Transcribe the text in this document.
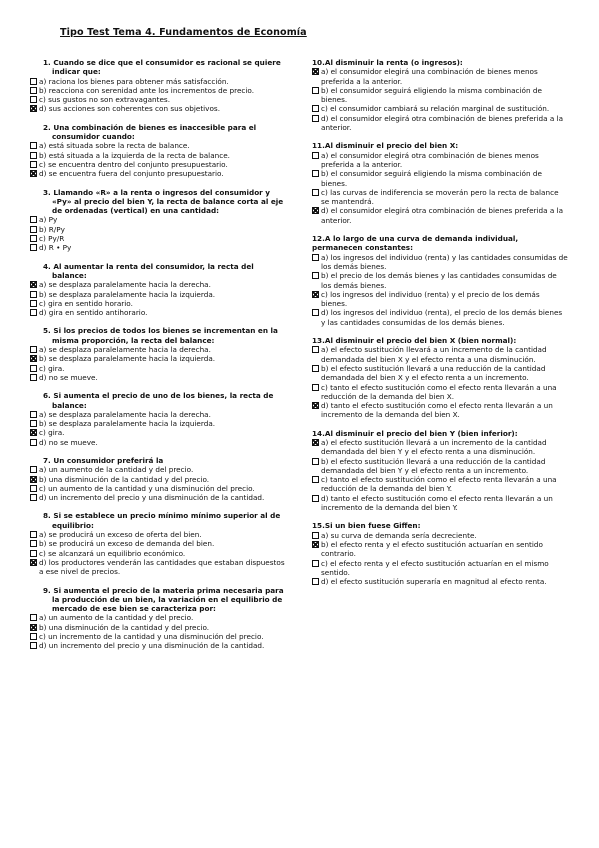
Tipo Test Tema 4. Fundamentos de Economía
1. Cuando se dice que el consumidor es racional se quiere indicar que:
a) raciona los bienes para obtener más satisfacción.
b) reacciona con serenidad ante los incrementos de precio.
c) sus gustos no son extravagantes.
d) sus acciones son coherentes con sus objetivos.
2. Una combinación de bienes es inaccesible para el consumidor cuando:
a) está situada sobre la recta de balance.
b) está situada a la izquierda de la recta de balance.
c) se encuentra dentro del conjunto presupuestario.
d) se encuentra fuera del conjunto presupuestario.
3. Llamando «R» a la renta o ingresos del consumidor y «Py» al precio del bien Y, la recta de balance corta al eje de ordenadas (vertical) en una cantidad:
a) Py
b) R/Py
c) Py/R
d) R • Py
4. Al aumentar la renta del consumidor, la recta del balance:
a) se desplaza paralelamente hacia la derecha.
b) se desplaza paralelamente hacia la izquierda.
c) gira en sentido horario.
d) gira en sentido antihorario.
5. Si los precios de todos los bienes se incrementan en la misma proporción, la recta del balance:
a) se desplaza paralelamente hacia la derecha.
b) se desplaza paralelamente hacia la izquierda.
c) gira.
d) no se mueve.
6. Si aumenta el precio de uno de los bienes, la recta de balance:
a) se desplaza paralelamente hacia la derecha.
b) se desplaza paralelamente hacia la izquierda.
c) gira.
d) no se mueve.
7. Un consumidor preferirá la
a) un aumento de la cantidad y del precio.
b) una disminución de la cantidad y del precio.
c) un aumento de la cantidad y una disminución del precio.
d) un incremento del precio y una disminución de la cantidad.
8. Si se establece un precio mínimo mínimo superior al de equilibrio:
a) se producirá un exceso de oferta del bien.
b) se producirá un exceso de demanda del bien.
c) se alcanzará un equilibrio económico.
d) los productores venderán las cantidades que estaban dispuestos a ese nivel de precios.
9. Si aumenta el precio de la materia prima necesaria para la producción de un bien, la variación en el equilibrio de mercado de ese bien se caracteriza por:
a) un aumento de la cantidad y del precio.
b) una disminución de la cantidad y del precio.
c) un incremento de la cantidad y una disminución del precio.
d) un incremento del precio y una disminución de la cantidad.
10.Al disminuir la renta (o ingresos):
a) el consumidor elegirá una combinación de bienes menos preferida a la anterior.
b) el consumidor seguirá eligiendo la misma combinación de bienes.
c) el consumidor cambiará su relación marginal de sustitución.
d) el consumidor elegirá otra combinación de bienes preferida a la anterior.
11.Al disminuir el precio del bien X:
a) el consumidor elegirá otra combinación de bienes menos preferida a la anterior.
b) el consumidor seguirá eligiendo la misma combinación de bienes.
c) las curvas de indiferencia se moverán pero la recta de balance se mantendrá.
d) el consumidor elegirá otra combinación de bienes preferida a la anterior.
12.A lo largo de una curva de demanda individual, permanecen constantes:
a) los ingresos del individuo (renta) y las cantidades consumidas de los demás bienes.
b) el precio de los demás bienes y las cantidades consumidas de los demás bienes.
c) los ingresos del individuo (renta) y el precio de los demás bienes.
d) los ingresos del individuo (renta), el precio de los demás bienes y las cantidades consumidas de los demás bienes.
13.Al disminuir el precio del bien X (bien normal):
a) el efecto sustitución llevará a un incremento de la cantidad demandada del bien X y el efecto renta a una disminución.
b) el efecto sustitución llevará a una reducción de la cantidad demandada del bien X y el efecto renta a un incremento.
c) tanto el efecto sustitución como el efecto renta llevarán a una reducción de la demanda del bien X.
d) tanto el efecto sustitución como el efecto renta llevarán a un incremento de la demanda del bien X.
14.Al disminuir el precio del bien Y (bien inferior):
a) el efecto sustitución llevará a un incremento de la cantidad demandada del bien Y y el efecto renta a una disminución.
b) el efecto sustitución llevará a una reducción de la cantidad demandada del bien Y y el efecto renta a un incremento.
c) tanto el efecto sustitución como el efecto renta llevarán a una reducción de la demanda del bien Y.
d) tanto el efecto sustitución como el efecto renta llevarán a un incremento de la demanda del bien Y.
15.Si un bien fuese Giffen:
a) su curva de demanda sería decreciente.
b) el efecto renta y el efecto sustitución actuarían en sentido contrario.
c) el efecto renta y el efecto sustitución actuarían en el mismo sentido.
d) el efecto sustitución superaría en magnitud al efecto renta.
